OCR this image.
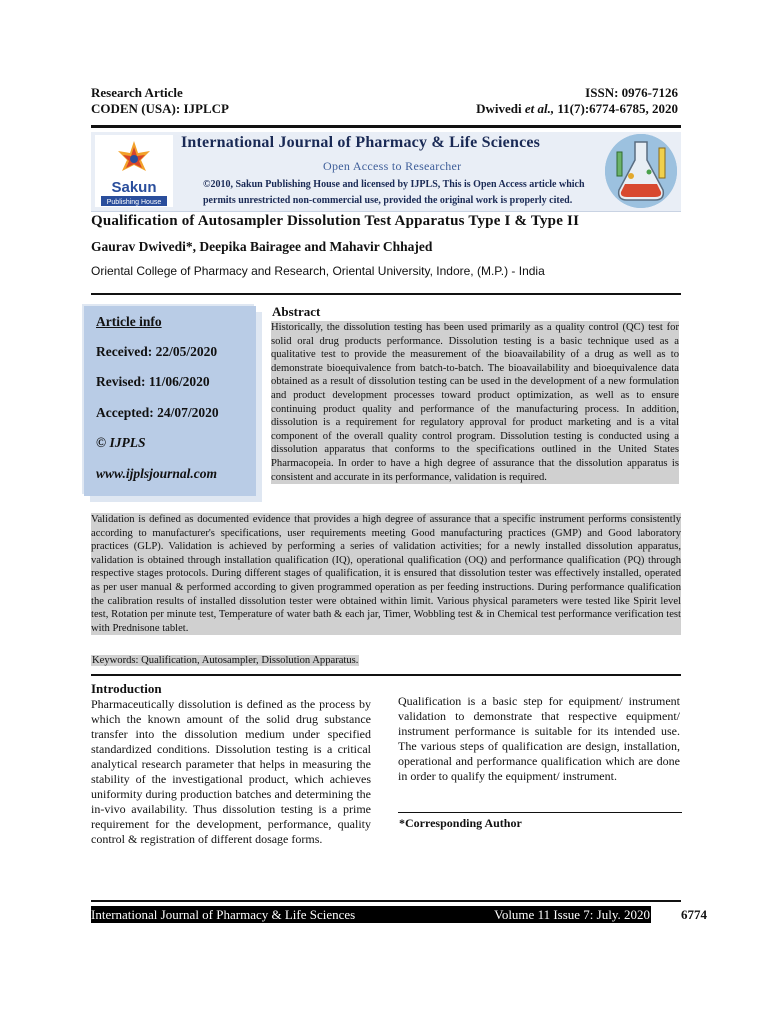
Research Article
CODEN (USA): IJPLCP
ISSN: 0976-7126
Dwivedi et al., 11(7):6774-6785, 2020
Sakun
Publishing House
International Journal of Pharmacy & Life Sciences
Open Access to Researcher
©2010, Sakun Publishing House and licensed by IJPLS, This is Open Access article which
permits unrestricted non-commercial use, provided the original work is properly cited.
Qualification of Autosampler Dissolution Test Apparatus Type I & Type II
Gaurav Dwivedi*, Deepika Bairagee and Mahavir Chhajed
Oriental College of Pharmacy and Research, Oriental University, Indore, (M.P.) - India
Article info
Received: 22/05/2020
Revised: 11/06/2020
Accepted: 24/07/2020
© IJPLS
www.ijplsjournal.com
Abstract

Historically, the dissolution testing has been used primarily as a quality control (QC) test for solid oral drug products performance. Dissolution testing is a basic technique used as a qualitative test to provide the measurement of the bioavailability of a drug as well as to demonstrate bioequivalence from batch-to-batch. The bioavailability and bioequivalence data obtained as a result of dissolution testing can be used in the development of a new formulation and product development processes toward product optimization, as well as to ensure continuing product quality and performance of the manufacturing process. In addition, dissolution is a requirement for regulatory approval for product marketing and is a vital component of the overall quality control program. Dissolution testing is conducted using a dissolution apparatus that conforms to the specifications outlined in the United States Pharmacopeia. In order to have a high degree of assurance that the dissolution apparatus is consistent and accurate in its performance, validation is required.

Validation is defined as documented evidence that provides a high degree of assurance that a specific instrument performs consistently according to manufacturer's specifications, user requirements meeting Good manufacturing practices (GMP) and Good laboratory practices (GLP). Validation is achieved by performing a series of validation activities; for a newly installed dissolution apparatus, validation is obtained through installation qualification (IQ), operational qualification (OQ) and performance qualification (PQ) through respective stages protocols. During different stages of qualification, it is ensured that dissolution tester was effectively installed, operated as per user manual & performed according to given programmed operation as per feeding instructions. During performance qualification the calibration results of installed dissolution tester were obtained within limit. Various physical parameters were tested like Spirit level test, Rotation per minute test, Temperature of water bath & each jar, Timer, Wobbling test & in Chemical test performance verification test with Prednisone tablet.

Keywords: Qualification, Autosampler, Dissolution Apparatus.
Introduction

Pharmaceutically dissolution is defined as the process by which the known amount of the solid drug substance transfer into the dissolution medium under specified standardized conditions. Dissolution testing is a critical analytical research parameter that helps in measuring the stability of the investigational product, which achieves uniformity during production batches and determining the in-vivo availability. Thus dissolution testing is a prime requirement for the development, performance, quality control & registration of different dosage forms.

Qualification is a basic step for equipment/ instrument validation to demonstrate that respective equipment/ instrument performance is suitable for its intended use. The various steps of qualification are design, installation, operational and performance qualification which are done in order to qualify the equipment/ instrument.

*Corresponding Author
International Journal of Pharmacy & Life Sciences	Volume 11 Issue 7: July. 2020 6774
